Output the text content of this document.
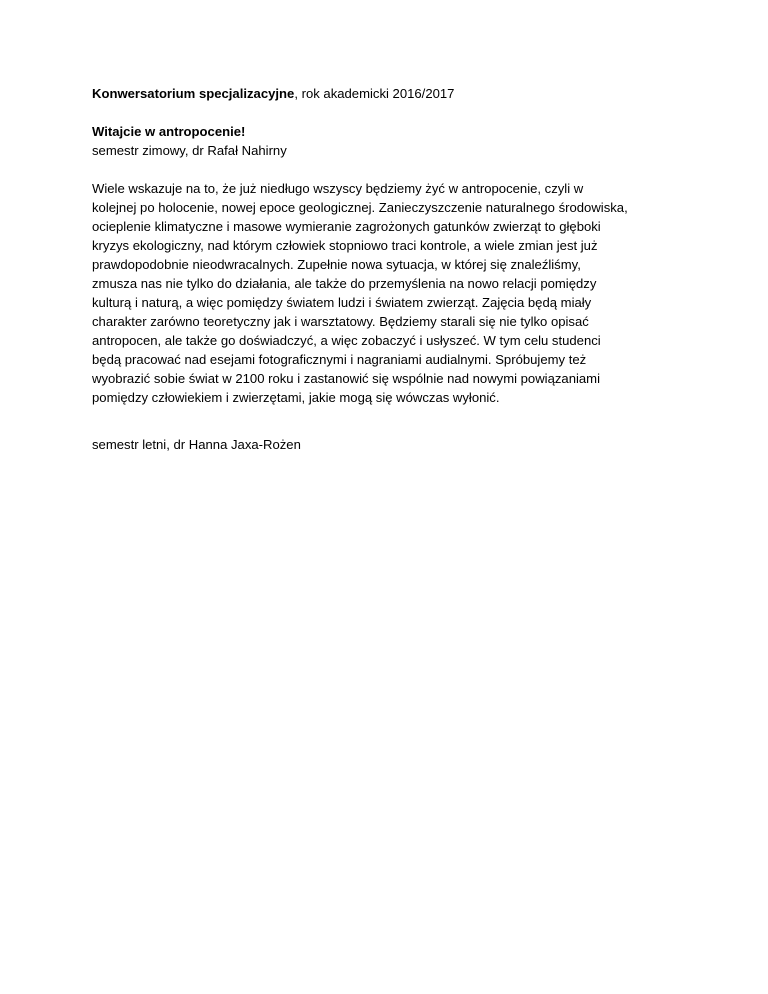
Konwersatorium specjalizacyjne, rok akademicki 2016/2017

Witajcie w antropocenie!

semestr zimowy, dr Rafał Nahirny

Wiele wskazuje na to, że już niedługo wszyscy będziemy żyć w antropocenie, czyli w
kolejnej po holocenie, nowej epoce geologicznej. Zanieczyszczenie naturalnego środowiska,
ocieplenie klimatyczne i masowe wymieranie zagrożonych gatunków zwierząt to głęboki
kryzys ekologiczny, nad którym człowiek stopniowo traci kontrole, a wiele zmian jest już
prawdopodobnie nieodwracalnych. Zupełnie nowa sytuacja, w której się znaleźliśmy,
zmusza nas nie tylko do działania, ale także do przemyślenia na nowo relacji pomiędzy
kulturą i naturą, a więc pomiędzy światem ludzi i światem zwierząt. Zajęcia będą miały
charakter zarówno teoretyczny jak i warsztatowy. Będziemy starali się nie tylko opisać
antropocen, ale także go doświadczyć, a więc zobaczyć i usłyszeć. W tym celu studenci
będą pracować nad esejami fotograficznymi i nagraniami audialnymi. Spróbujemy też
wyobrazić sobie świat w 2100 roku i zastanowić się wspólnie nad nowymi powiązaniami
pomiędzy człowiekiem i zwierzętami, jakie mogą się wówczas wyłonić.

semestr letni, dr Hanna Jaxa-Rożen
